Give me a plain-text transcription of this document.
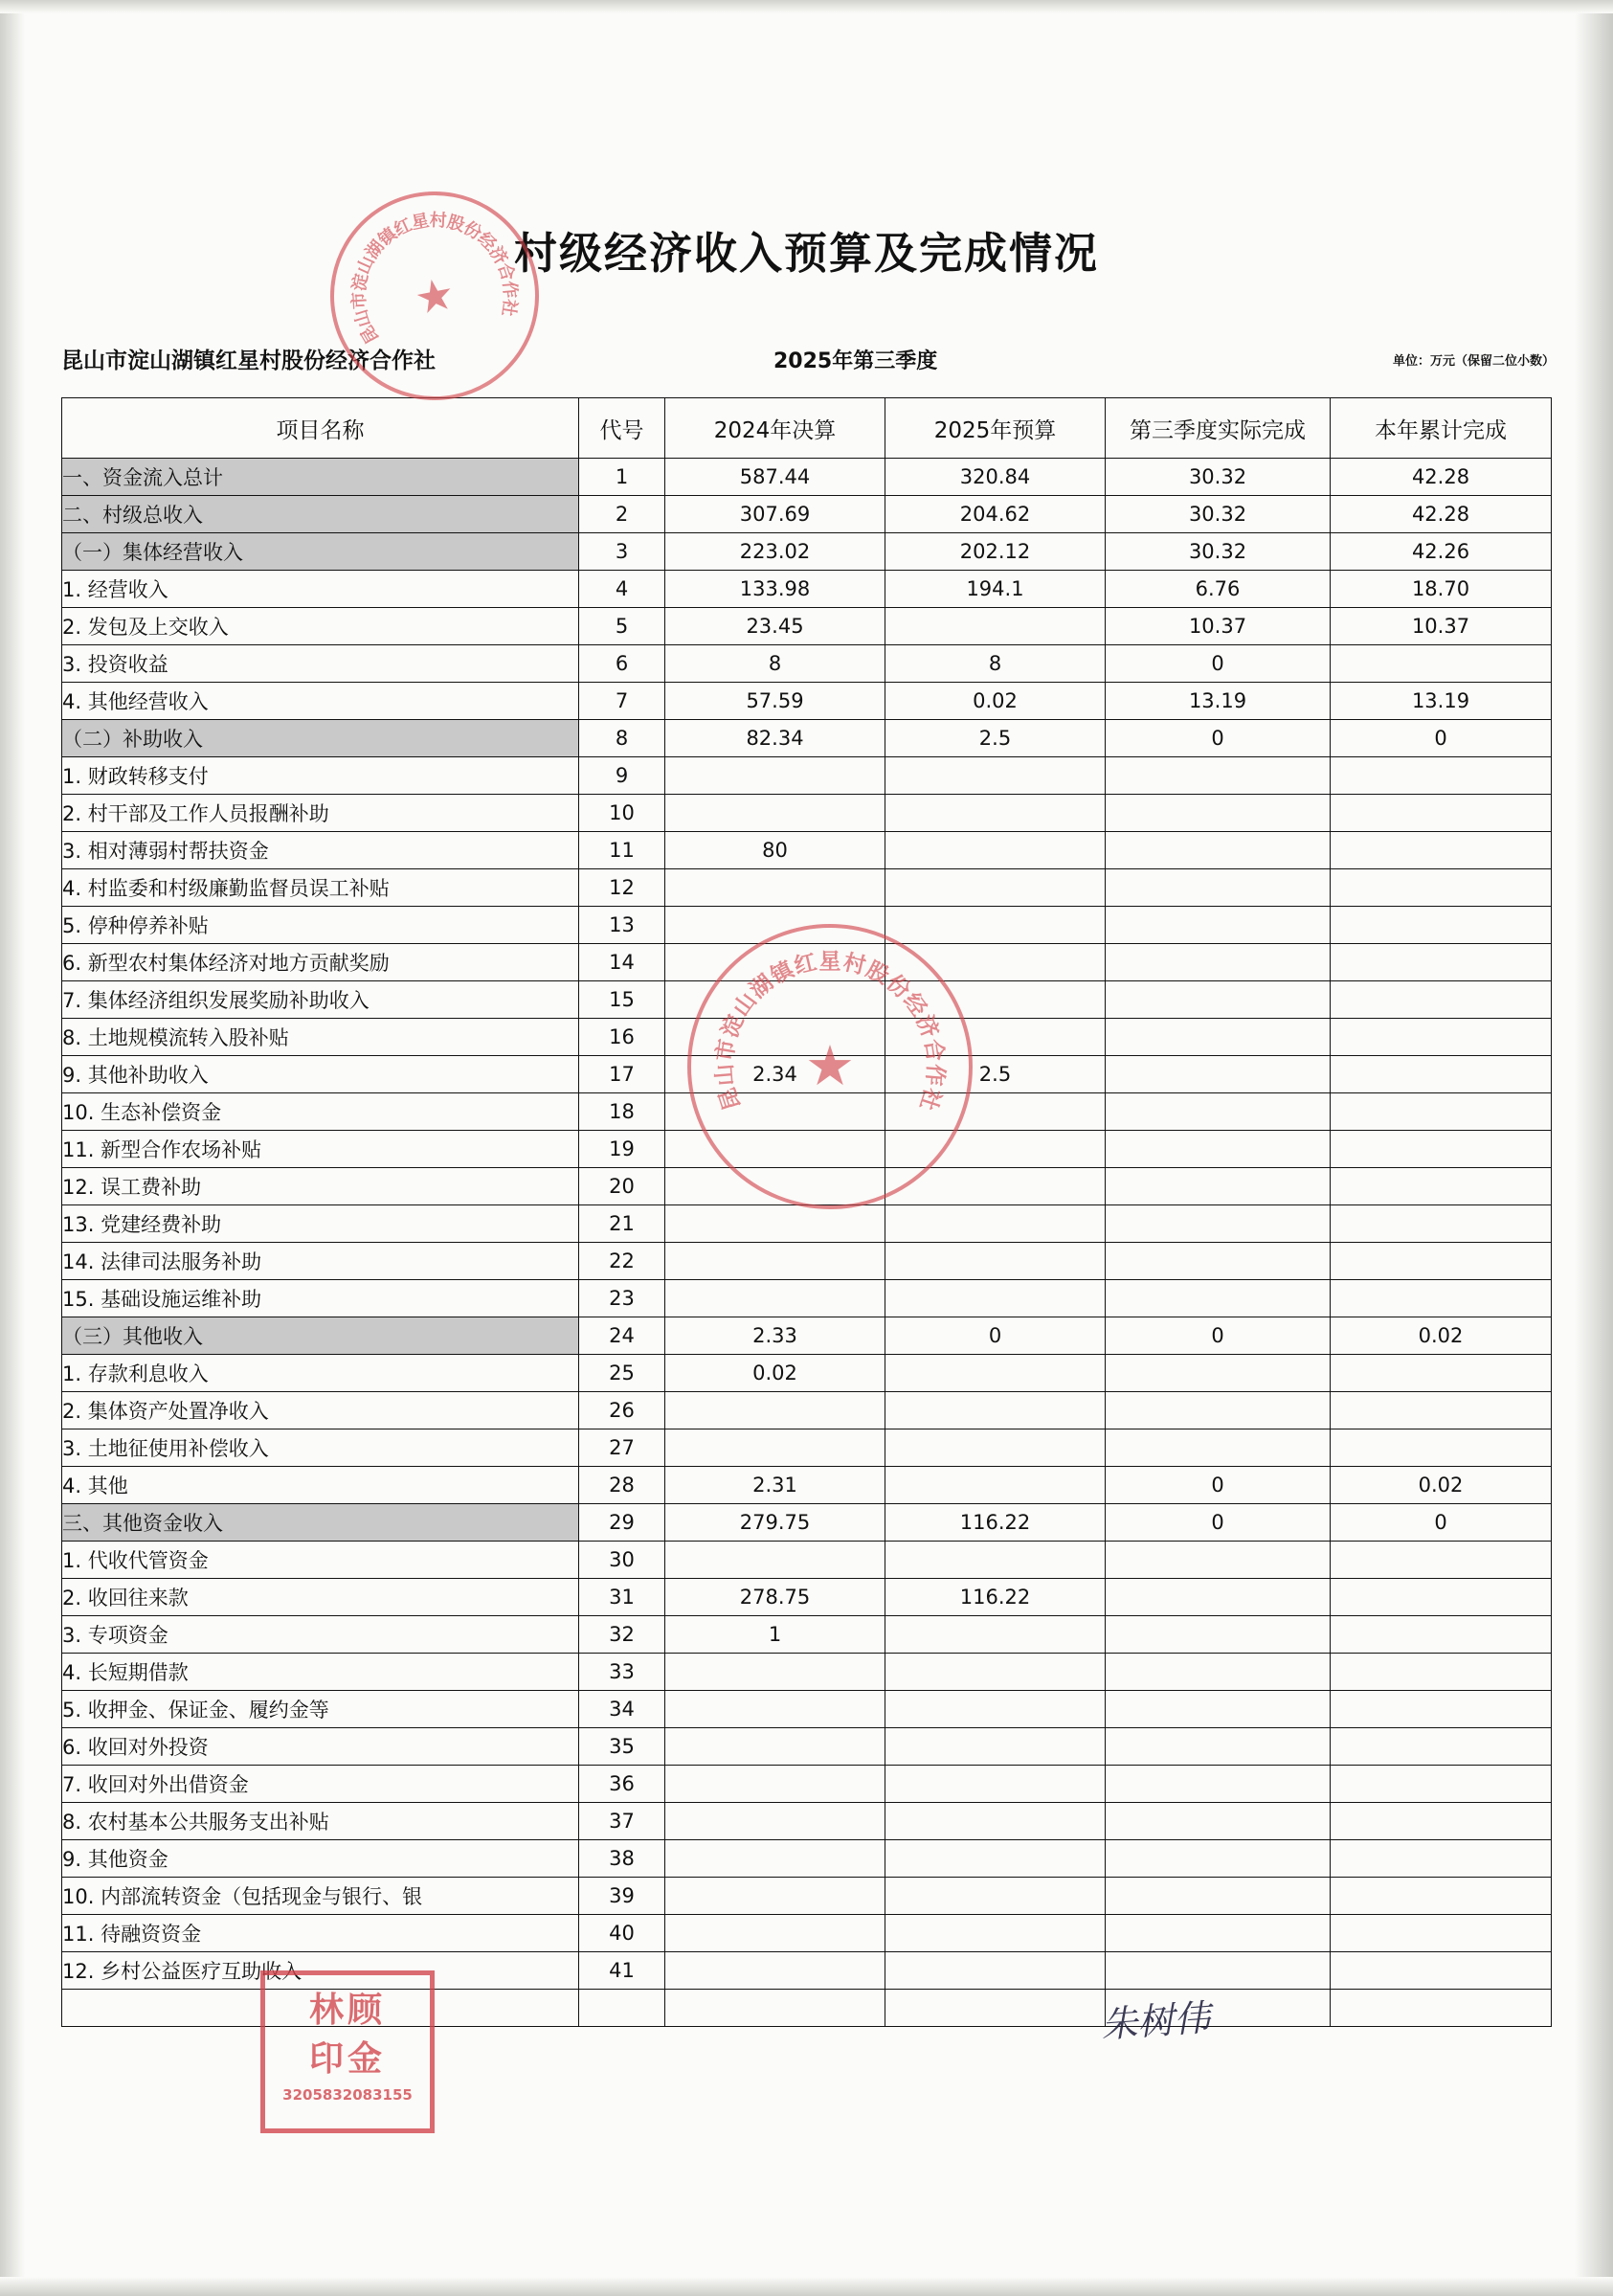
村级经济收入预算及完成情况
昆山市淀山湖镇红星村股份经济合作社	2025年第三季度	单位：万元（保留二位小数）
项目名称	代号	2024年决算	2025年预算	第三季度实际完成	本年累计完成
一、资金流入总计	1	587.44	320.84	30.32	42.28
二、村级总收入	2	307.69	204.62	30.32	42.28
（一）集体经营收入	3	223.02	202.12	30.32	42.26
1. 经营收入	4	133.98	194.1	6.76	18.70
2. 发包及上交收入	5	23.45		10.37	10.37
3. 投资收益	6	8	8	0	
4. 其他经营收入	7	57.59	0.02	13.19	13.19
（二）补助收入	8	82.34	2.5	0	0
1. 财政转移支付	9				
2. 村干部及工作人员报酬补助	10				
3. 相对薄弱村帮扶资金	11	80			
4. 村监委和村级廉勤监督员误工补贴	12				
5. 停种停养补贴	13				
6. 新型农村集体经济对地方贡献奖励	14				
7. 集体经济组织发展奖励补助收入	15				
8. 土地规模流转入股补贴	16				
9. 其他补助收入	17	2.34	2.5		
10. 生态补偿资金	18				
11. 新型合作农场补贴	19				
12. 误工费补助	20				
13. 党建经费补助	21				
14. 法律司法服务补助	22				
15. 基础设施运维补助	23				
（三）其他收入	24	2.33	0	0	0.02
1. 存款利息收入	25	0.02			
2. 集体资产处置净收入	26				
3. 土地征使用补偿收入	27				
4. 其他	28	2.31		0	0.02
三、其他资金收入	29	279.75	116.22	0	0
1. 代收代管资金	30				
2. 收回往来款	31	278.75	116.22		
3. 专项资金	32	1			
4. 长短期借款	33				
5. 收押金、保证金、履约金等	34				
6. 收回对外投资	35				
7. 收回对外出借资金	36				
8. 农村基本公共服务支出补贴	37				
9. 其他资金	38				
10. 内部流转资金（包括现金与银行、银	39				
11. 待融资资金	40				
12. 乡村公益医疗互助收入	41				

昆
山
市
淀
山
湖
镇
红
星
村
股
份
经
济
合
作
社
★
昆
山
市
淀
山
湖
镇
红 星 村
股
份
经
济
合
作
社
★
林顾
印金
3205832083155
朱树伟
